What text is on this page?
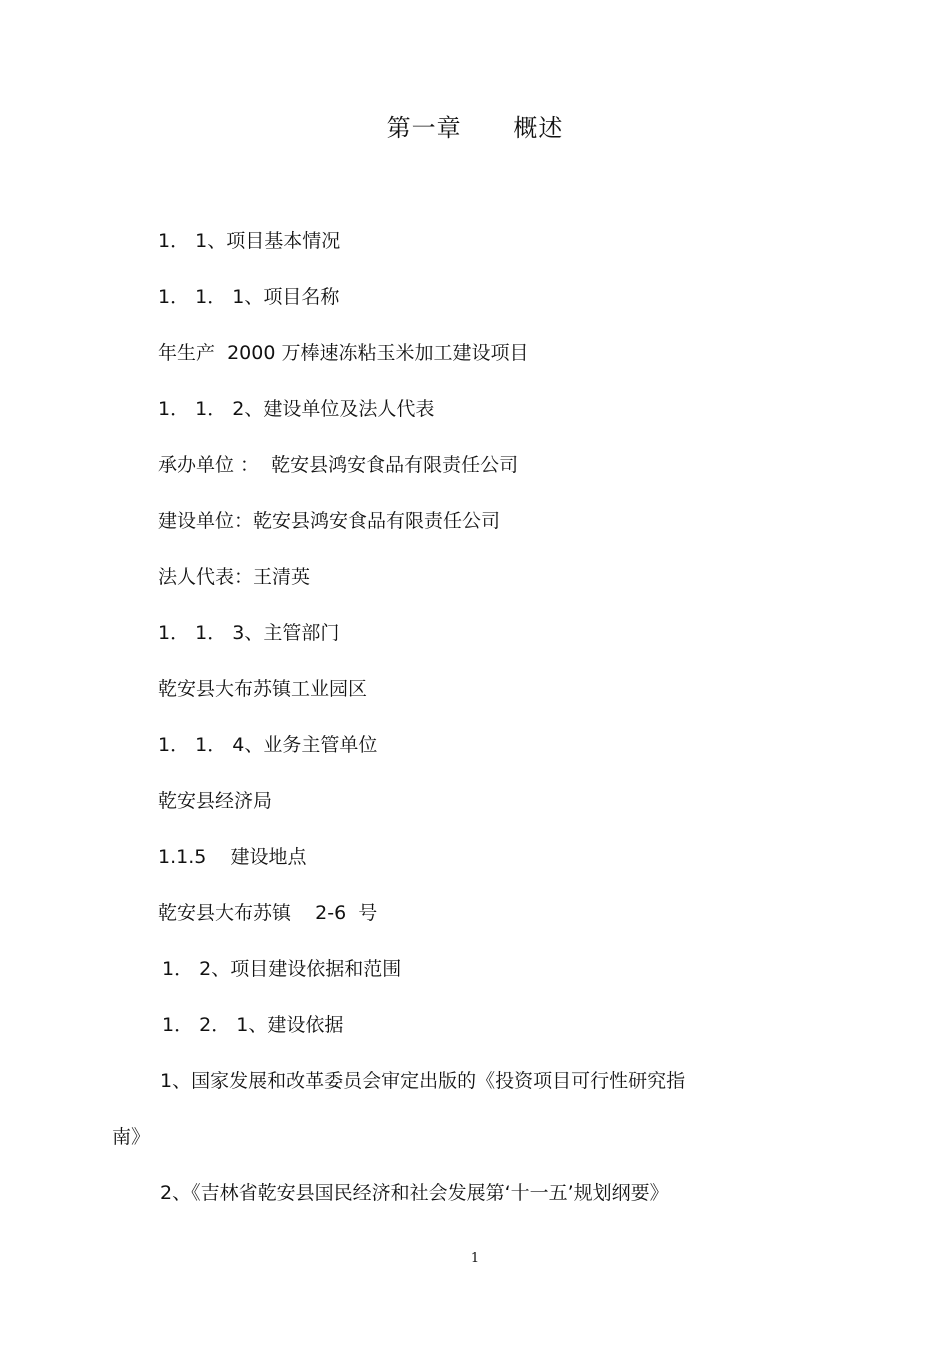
第一章      概述
1． 1、项目基本情况
1． 1． 1、项目名称
年生产  2000 万棒速冻粘玉米加工建设项目
1． 1． 2、建设单位及法人代表
承办单位 ：  乾安县鸿安食品有限责任公司
建设单位：乾安县鸿安食品有限责任公司
法人代表：王清英
1． 1． 3、主管部门
乾安县大布苏镇工业园区
1． 1． 4、业务主管单位
乾安县经济局
1.1.5    建设地点
乾安县大布苏镇    2-6  号
1． 2、项目建设依据和范围
1． 2． 1、建设依据
1、国家发展和改革委员会审定出版的《投资项目可行性研究指
南》
2、《吉林省乾安县国民经济和社会发展第‘十一五’规划纲要》
1
